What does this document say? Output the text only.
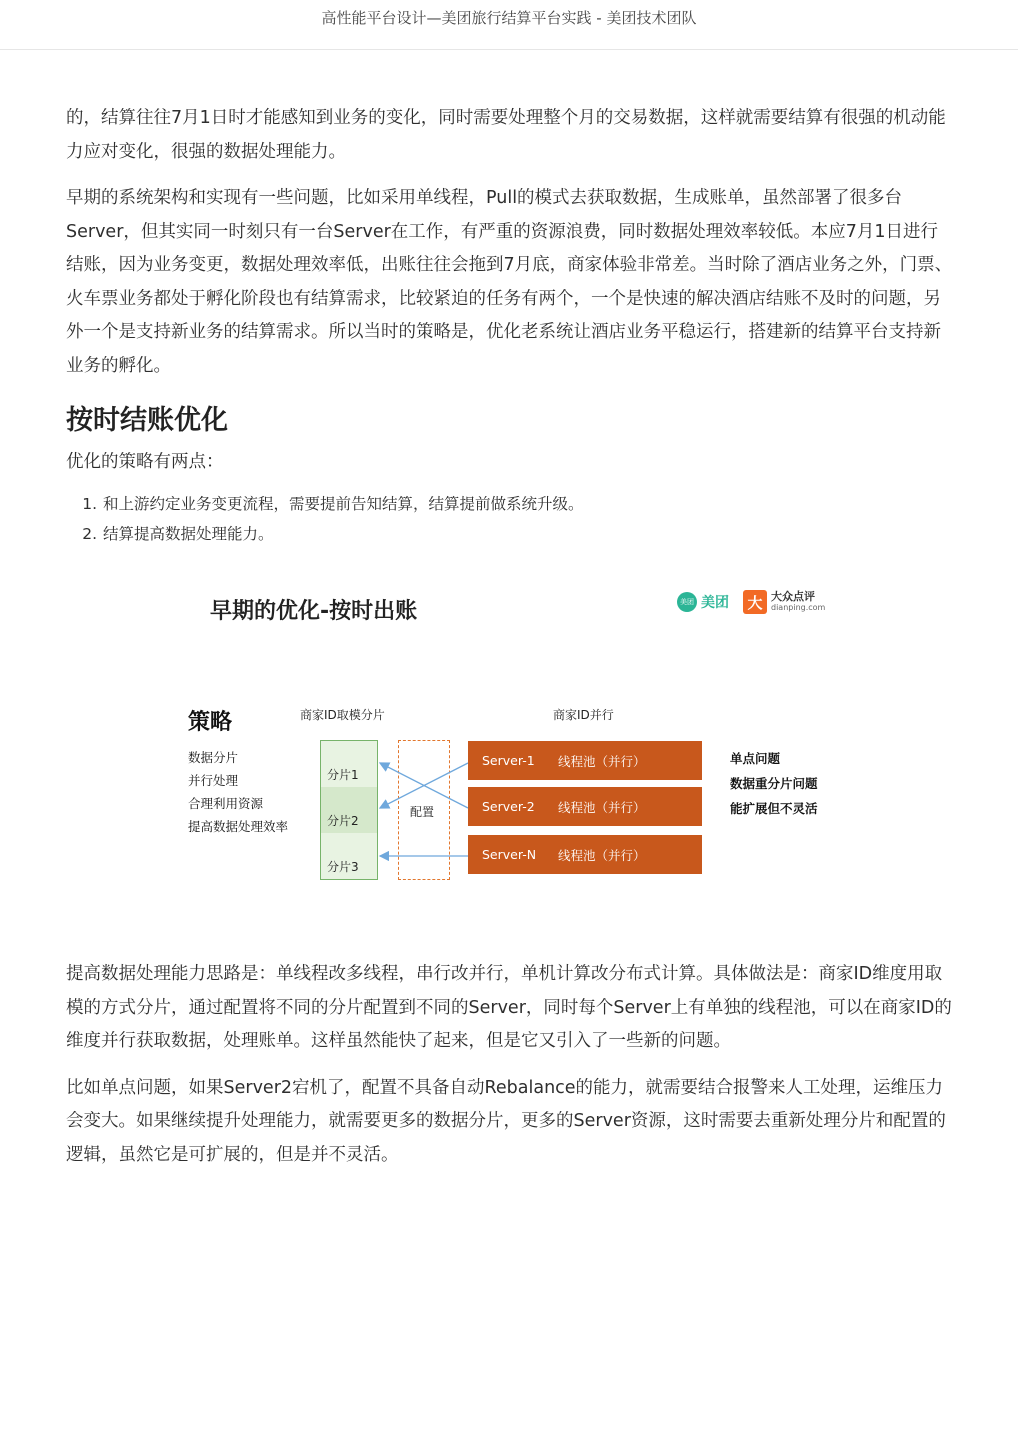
高性能平台设计—美团旅行结算平台实践 - 美团技术团队

的，结算往往7月1日时才能感知到业务的变化，同时需要处理整个月的交易数据，这样就需要结算有很强的机动能力应对变化，很强的数据处理能力。

早期的系统架构和实现有一些问题，比如采用单线程，Pull的模式去获取数据，生成账单，虽然部署了很多台Server，但其实同一时刻只有一台Server在工作，有严重的资源浪费，同时数据处理效率较低。本应7月1日进行结账，因为业务变更，数据处理效率低，出账往往会拖到7月底，商家体验非常差。当时除了酒店业务之外，门票、火车票业务都处于孵化阶段也有结算需求，比较紧迫的任务有两个，一个是快速的解决酒店结账不及时的问题，另外一个是支持新业务的结算需求。所以当时的策略是，优化老系统让酒店业务平稳运行，搭建新的结算平台支持新业务的孵化。

按时结账优化

优化的策略有两点：

1. 和上游约定业务变更流程，需要提前告知结算，结算提前做系统升级。
2. 结算提高数据处理能力。
早期的优化-按时出账	美团 美团 大 大众点评
dianping.com
策略
数据分片
并行处理
合理利用资源
提高数据处理效率
商家ID取模分片	商家ID并行
分片1
分片2
分片3
配置
Server-1 线程池（并行）
Server-2 线程池（并行）
Server-N 线程池（并行）
单点问题
数据重分片问题
能扩展但不灵活

提高数据处理能力思路是：单线程改多线程，串行改并行，单机计算改分布式计算。具体做法是：商家ID维度用取模的方式分片，通过配置将不同的分片配置到不同的Server，同时每个Server上有单独的线程池，可以在商家ID的维度并行获取数据，处理账单。这样虽然能快了起来，但是它又引入了一些新的问题。

比如单点问题，如果Server2宕机了，配置不具备自动Rebalance的能力，就需要结合报警来人工处理，运维压力会变大。如果继续提升处理能力，就需要更多的数据分片，更多的Server资源，这时需要去重新处理分片和配置的逻辑，虽然它是可扩展的，但是并不灵活。
